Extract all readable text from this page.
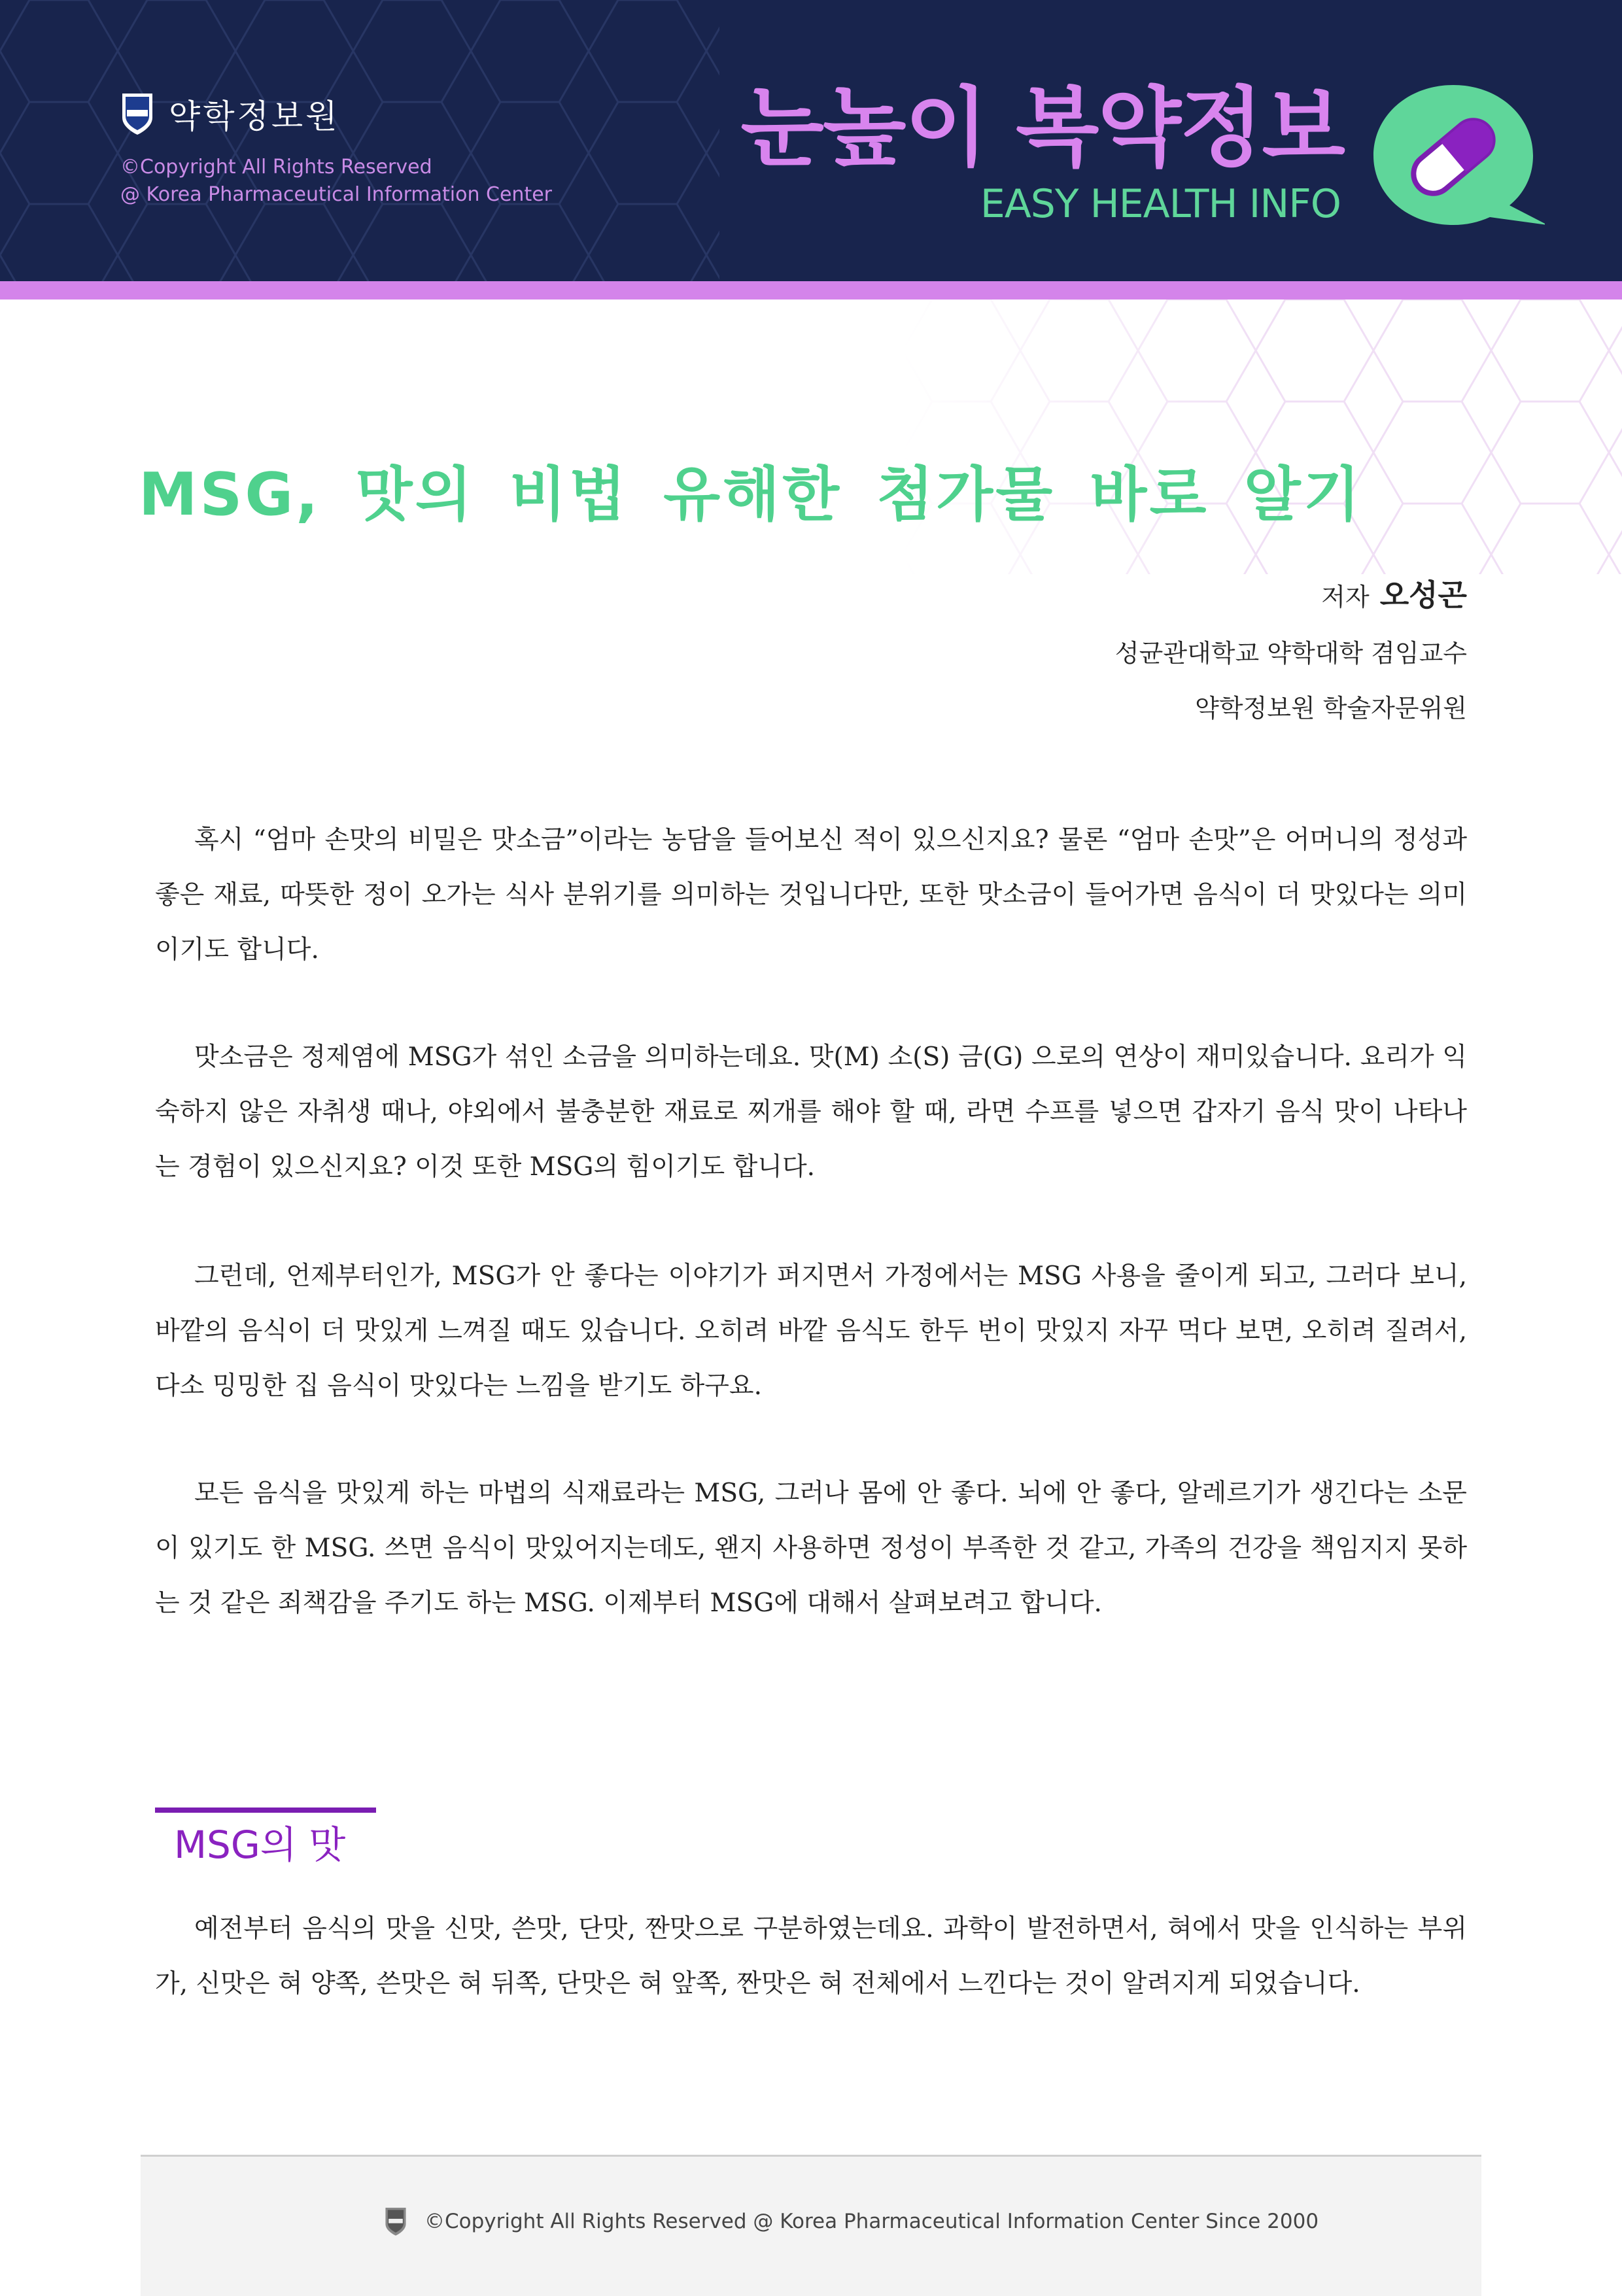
약학정보원
©Copyright All Rights Reserved
@ Korea Pharmaceutical Information Center
눈높이 복약정보
EASY HEALTH INFO
MSG, 맛의 비법 유해한 첨가물 바로 알기
저자 오성곤
성균관대학교 약학대학 겸임교수
약학정보원 학술자문위원

혹시 “엄마 손맛의 비밀은 맛소금”이라는 농담을 들어보신 적이 있으신지요? 물론 “엄마 손맛”은 어머니의 정성과 좋은 재료, 따뜻한 정이 오가는 식사 분위기를 의미하는 것입니다만, 또한 맛소금이 들어가면 음식이 더 맛있다는 의미이기도 합니다.

맛소금은 정제염에 MSG가 섞인 소금을 의미하는데요. 맛(M) 소(S) 금(G) 으로의 연상이 재미있습니다. 요리가 익숙하지 않은 자취생 때나, 야외에서 불충분한 재료로 찌개를 해야 할 때, 라면 수프를 넣으면 갑자기 음식 맛이 나타나는 경험이 있으신지요? 이것 또한 MSG의 힘이기도 합니다.

그런데, 언제부터인가, MSG가 안 좋다는 이야기가 퍼지면서 가정에서는 MSG 사용을 줄이게 되고, 그러다 보니, 바깥의 음식이 더 맛있게 느껴질 때도 있습니다. 오히려 바깥 음식도 한두 번이 맛있지 자꾸 먹다 보면, 오히려 질려서, 다소 밍밍한 집 음식이 맛있다는 느낌을 받기도 하구요.

모든 음식을 맛있게 하는 마법의 식재료라는 MSG, 그러나 몸에 안 좋다. 뇌에 안 좋다, 알레르기가 생긴다는 소문이 있기도 한 MSG. 쓰면 음식이 맛있어지는데도, 왠지 사용하면 정성이 부족한 것 같고, 가족의 건강을 책임지지 못하는 것 같은 죄책감을 주기도 하는 MSG. 이제부터 MSG에 대해서 살펴보려고 합니다.

MSG의 맛

예전부터 음식의 맛을 신맛, 쓴맛, 단맛, 짠맛으로 구분하였는데요. 과학이 발전하면서, 혀에서 맛을 인식하는 부위가, 신맛은 혀 양쪽, 쓴맛은 혀 뒤쪽, 단맛은 혀 앞쪽, 짠맛은 혀 전체에서 느낀다는 것이 알려지게 되었습니다.

©Copyright All Rights Reserved @ Korea Pharmaceutical Information Center Since 2000
